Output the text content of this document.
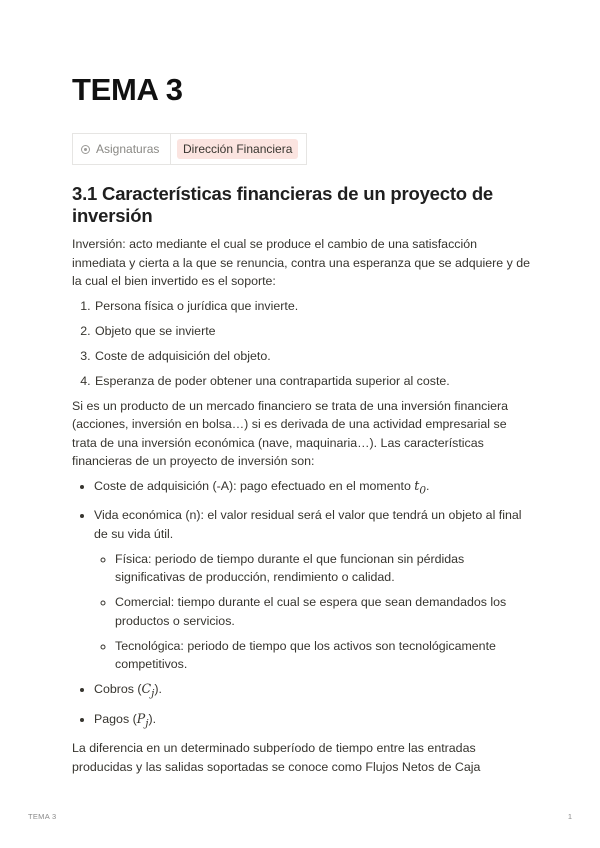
TEMA 3
Asignaturas	Dirección Financiera
3.1 Características financieras de un proyecto de inversión

Inversión: acto mediante el cual se produce el cambio de una satisfacción inmediata y cierta a la que se renuncia, contra una esperanza que se adquiere y de la cual el bien invertido es el soporte:

1. Persona física o jurídica que invierte.
2. Objeto que se invierte
3. Coste de adquisición del objeto.
4. Esperanza de poder obtener una contrapartida superior al coste.

Si es un producto de un mercado financiero se trata de una inversión financiera (acciones, inversión en bolsa…) si es derivada de una actividad empresarial se trata de una inversión económica (nave, maquinaria…). Las características financieras de un proyecto de inversión son:

• Coste de adquisición (-A): pago efectuado en el momento $t_0$.
• Vida económica (n): el valor residual será el valor que tendrá un objeto al final de su vida útil.
◦ Física: periodo de tiempo durante el que funcionan sin pérdidas significativas de producción, rendimiento o calidad.
◦ Comercial: tiempo durante el cual se espera que sean demandados los productos o servicios.
◦ Tecnológica: periodo de tiempo que los activos son tecnológicamente competitivos.
• Cobros $(C_j)$.
• Pagos $(P_j)$.

La diferencia en un determinado subperíodo de tiempo entre las entradas producidas y las salidas soportadas se conoce como Flujos Netos de Caja

TEMA 3	1
